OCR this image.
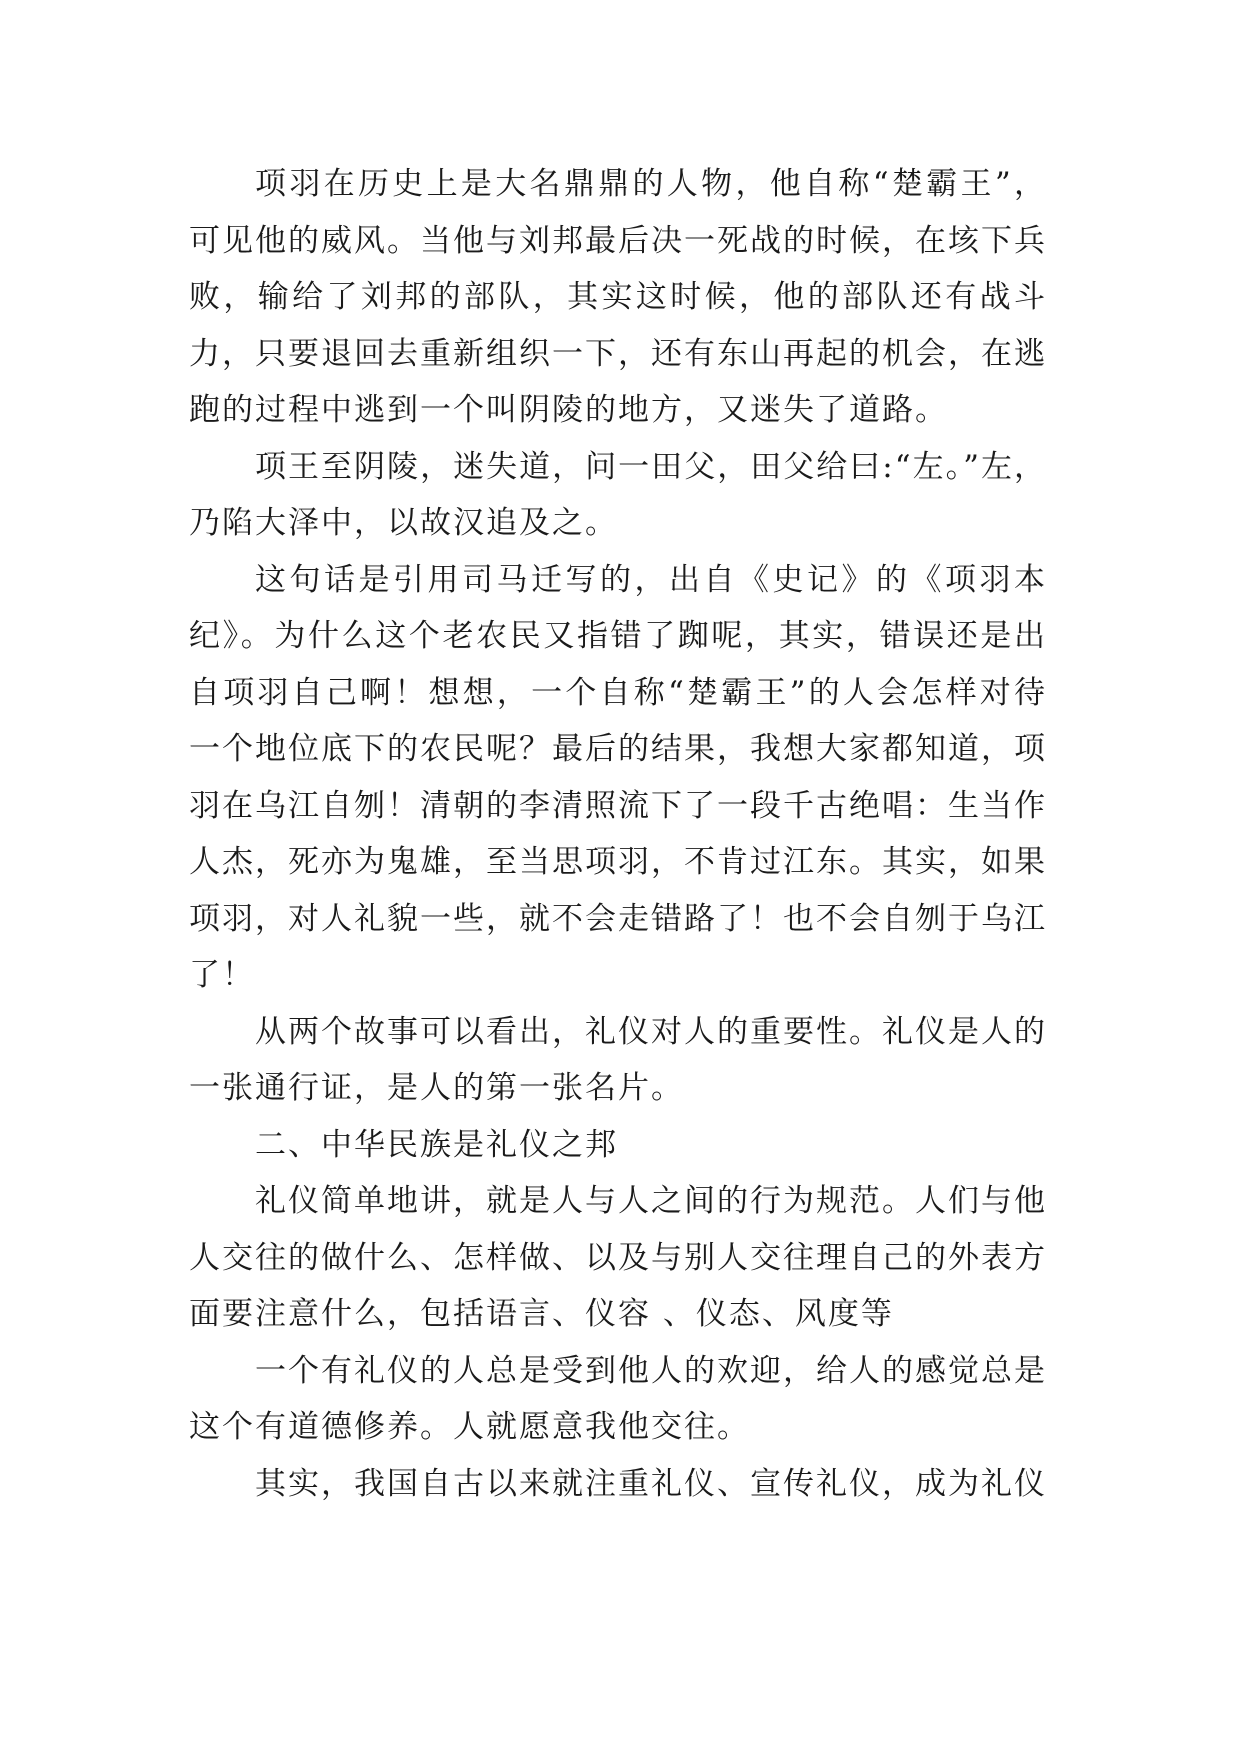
项羽在历史上是大名鼎鼎的人物，他自称“楚霸王”，可见他的威风。当他与刘邦最后决一死战的时候，在垓下兵败，输给了刘邦的部队，其实这时候，他的部队还有战斗力，只要退回去重新组织一下，还有东山再起的机会，在逃跑的过程中逃到一个叫阴陵的地方，又迷失了道路。

项王至阴陵，迷失道，问一田父，田父给曰:“左。”左，乃陷大泽中，以故汉追及之。

这句话是引用司马迁写的，出自《史记》的《项羽本纪》。为什么这个老农民又指错了踟呢，其实，错误还是出自项羽自己啊！想想，一个自称“楚霸王”的人会怎样对待一个地位底下的农民呢？最后的结果，我想大家都知道，项羽在乌江自刎！清朝的李清照流下了一段千古绝唱：生当作人杰，死亦为鬼雄，至当思项羽，不肯过江东。其实，如果项羽，对人礼貌一些，就不会走错路了！也不会自刎于乌江了！

从两个故事可以看出，礼仪对人的重要性。礼仪是人的一张通行证，是人的第一张名片。

二、中华民族是礼仪之邦

礼仪简单地讲，就是人与人之间的行为规范。人们与他人交往的做什么、怎样做、以及与别人交往理自己的外表方面要注意什么，包括语言、仪容 、仪态、风度等

一个有礼仪的人总是受到他人的欢迎，给人的感觉总是这个有道德修养。人就愿意我他交往。

其实，我国自古以来就注重礼仪、宣传礼仪，成为礼仪
